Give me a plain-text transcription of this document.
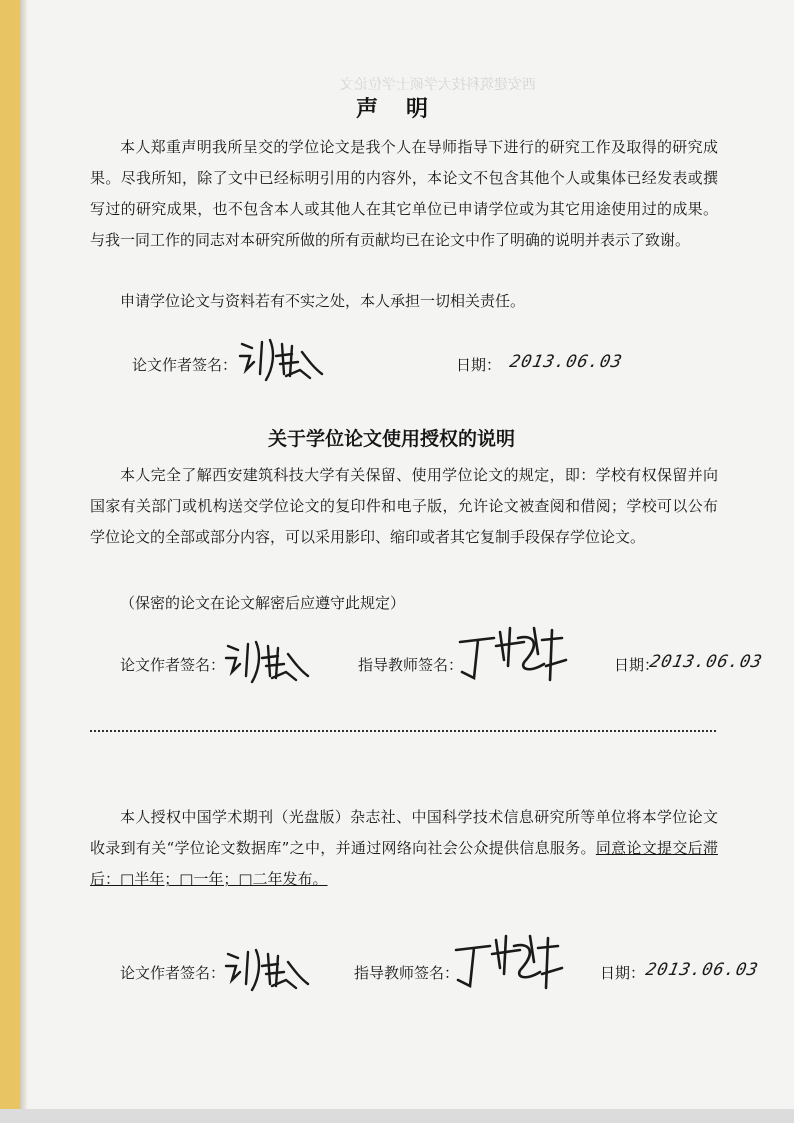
西安建筑科技大学硕士学位论文
声明
本人郑重声明我所呈交的学位论文是我个人在导师指导下进行的研究工作及取得的研究成果。尽我所知，除了文中已经标明引用的内容外，本论文不包含其他个人或集体已经发表或撰写过的研究成果，也不包含本人或其他人在其它单位已申请学位或为其它用途使用过的成果。与我一同工作的同志对本研究所做的所有贡献均已在论文中作了明确的说明并表示了致谢。
申请学位论文与资料若有不实之处，本人承担一切相关责任。
论文作者签名：	日期： 2013.06.03
关于学位论文使用授权的说明
本人完全了解西安建筑科技大学有关保留、使用学位论文的规定，即：学校有权保留并向国家有关部门或机构送交学位论文的复印件和电子版，允许论文被查阅和借阅；学校可以公布学位论文的全部或部分内容，可以采用影印、缩印或者其它复制手段保存学位论文。
（保密的论文在论文解密后应遵守此规定）
论文作者签名：	指导教师签名：	日期：
2013.06.03
本人授权中国学术期刊（光盘版）杂志社、中国科学技术信息研究所等单位将本学位论文收录到有关“学位论文数据库”之中，并通过网络向社会公众提供信息服务。同意论文提交后滞后：□半年；□一年；□二年发布。
论文作者签名：	指导教师签名：	日期：
2013.06.03
